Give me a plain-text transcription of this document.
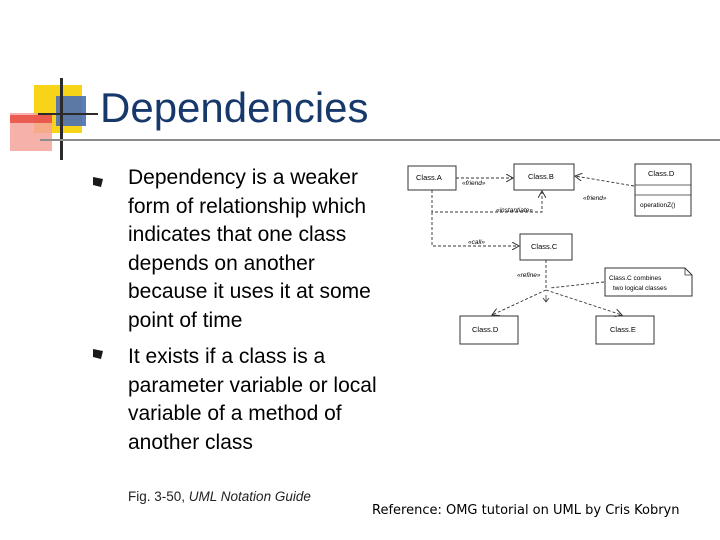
Dependencies
Dependency is a weaker form of relationship which indicates that one class depends on another because it uses it at some point of time
It exists if a class is a parameter variable or local variable of a method of another class
Fig. 3-50, UML Notation Guide
Reference: OMG tutorial on UML by Cris Kobryn
Class.A	Class.B	Class.D
operationZ()
Class.C
Class.D	Class.E
Class.C combines
two logical classes
«friend»
«friend»
«instantiate»
«call»
«refine»
